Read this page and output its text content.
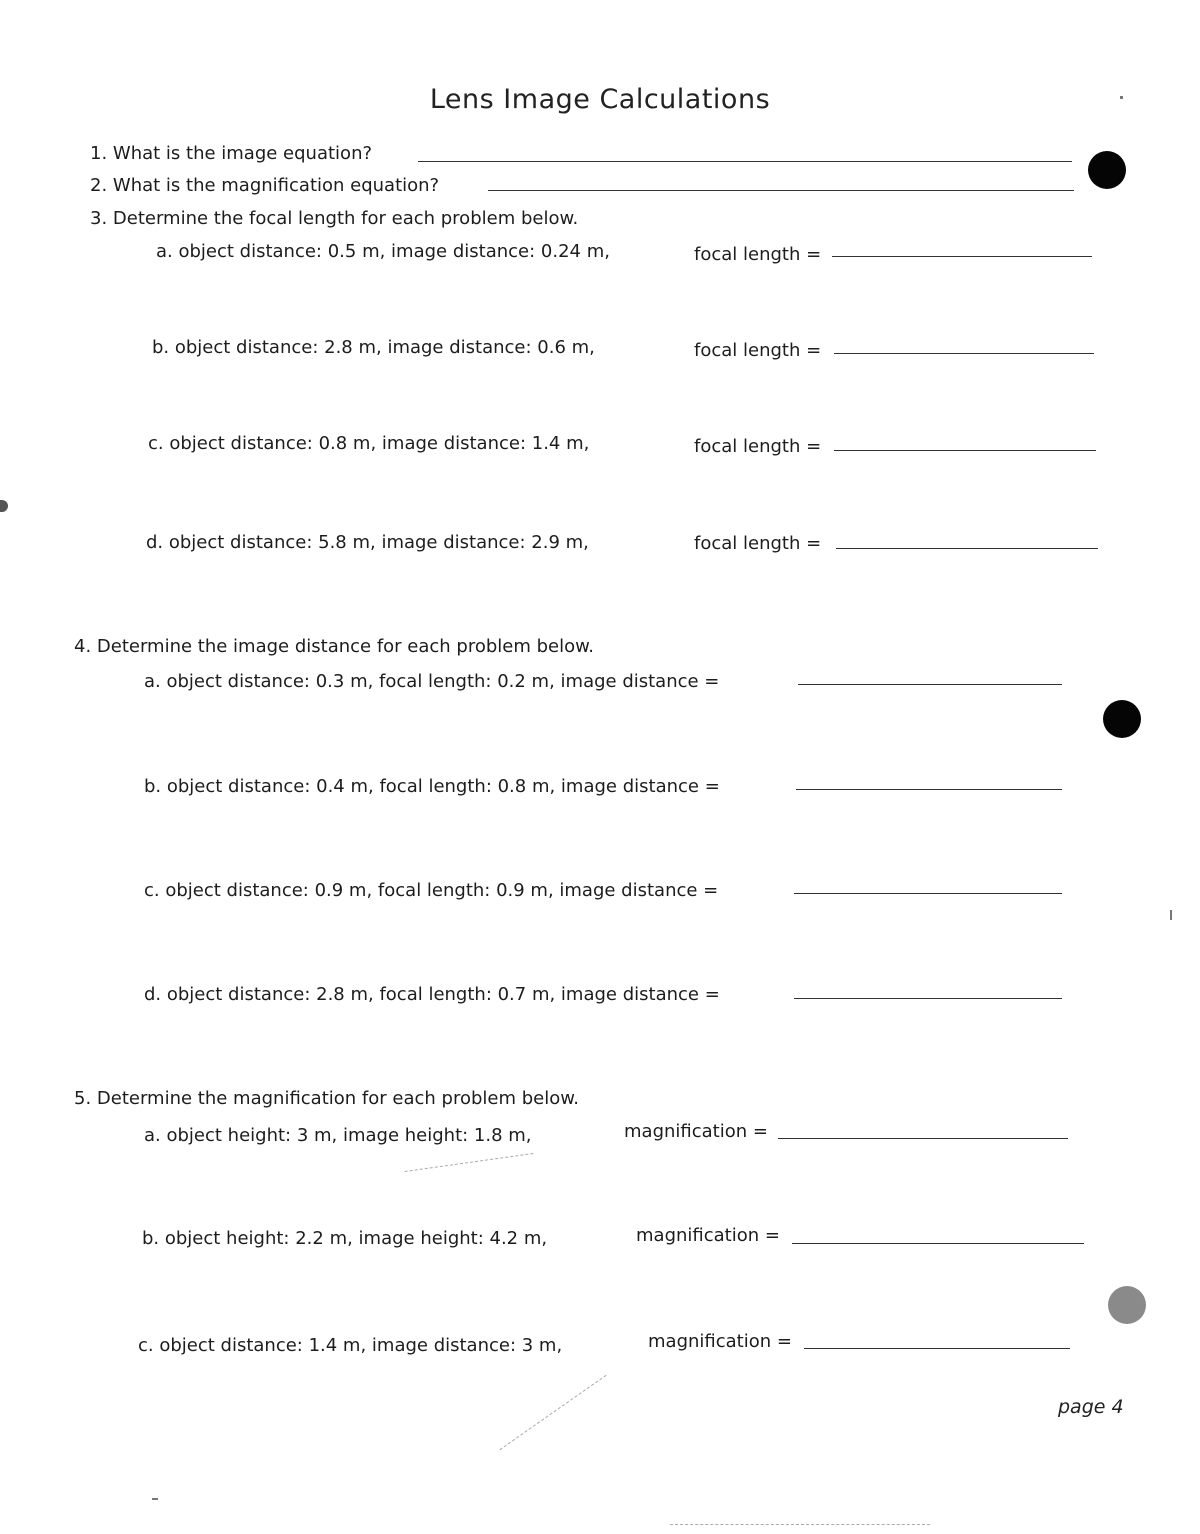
Lens Image Calculations
1. What is the image equation?
2. What is the magnification equation?
3. Determine the focal length for each problem below.
a. object distance: 0.5 m, image distance: 0.24 m,	focal length =
b. object distance: 2.8 m, image distance: 0.6 m,	focal length =
c. object distance: 0.8 m, image distance: 1.4 m,	focal length =
d. object distance: 5.8 m, image distance: 2.9 m,	focal length =
4. Determine the image distance for each problem below.
a. object distance: 0.3 m, focal length: 0.2 m, image distance =
b. object distance: 0.4 m, focal length: 0.8 m, image distance =
c. object distance: 0.9 m, focal length: 0.9 m, image distance =
d. object distance: 2.8 m, focal length: 0.7 m, image distance =
5. Determine the magnification for each problem below.
a. object height: 3 m, image height: 1.8 m,	magnification =
b. object height: 2.2 m, image height: 4.2 m,	magnification =
c. object distance: 1.4 m, image distance: 3 m,	magnification =
page 4
